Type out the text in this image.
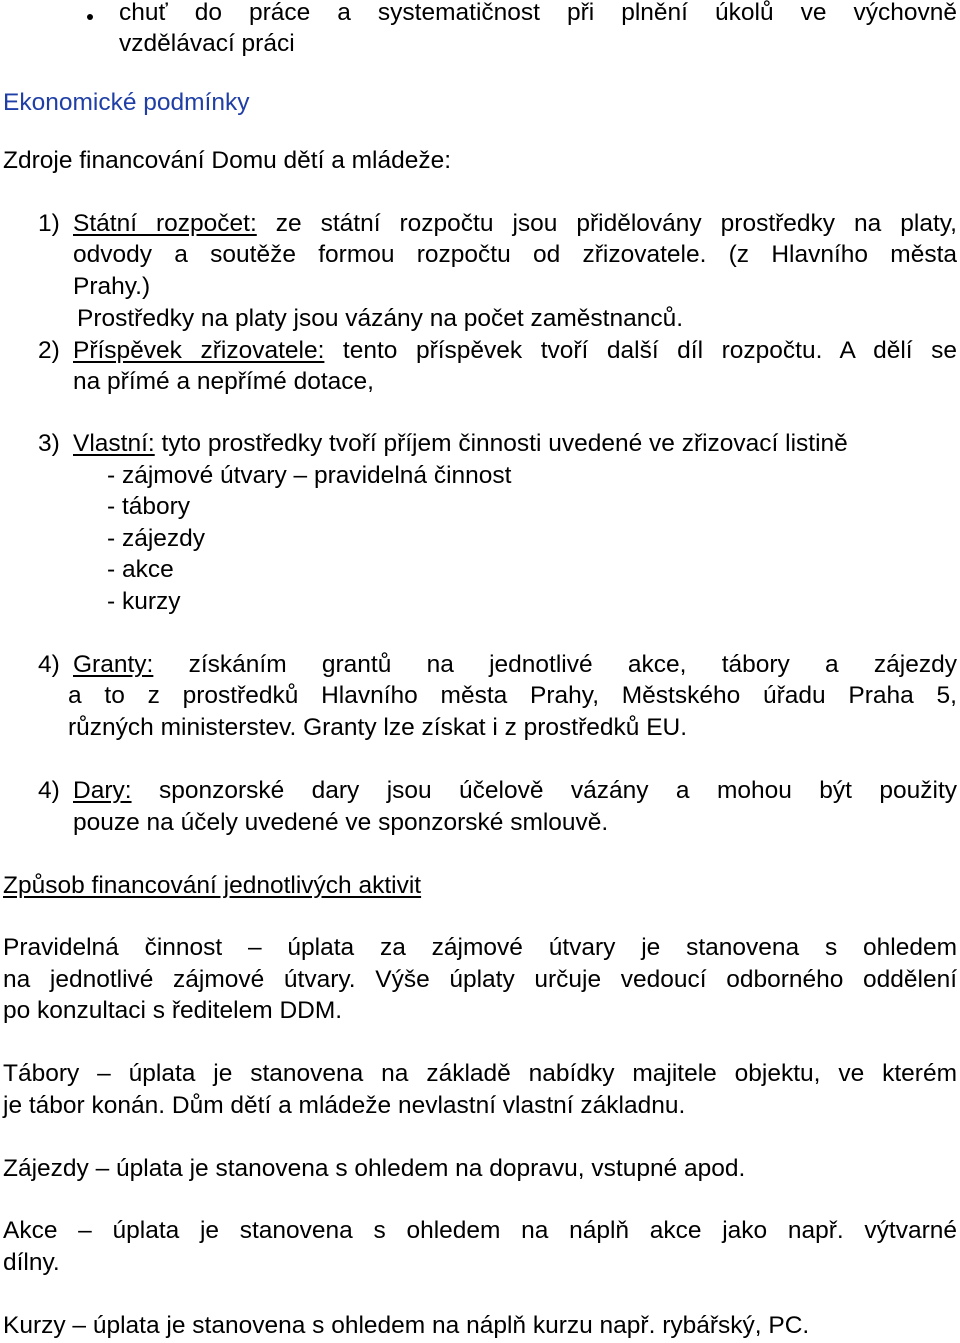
chuť do práce a systematičnost při plnění úkolů ve výchovně
vzdělávací práci
Ekonomické podmínky
Zdroje financování Domu dětí a mládeže:
1) Státní rozpočet: ze státní rozpočtu jsou přidělovány prostředky na platy,
odvody a soutěže formou rozpočtu od zřizovatele. (z Hlavního města
Prahy.)
Prostředky na platy jsou vázány na počet zaměstnanců.
2) Příspěvek zřizovatele: tento příspěvek tvoří další díl rozpočtu. A dělí se
na přímé a nepřímé dotace,
3) Vlastní: tyto prostředky tvoří příjem činnosti uvedené ve zřizovací listině
- zájmové útvary – pravidelná činnost
- tábory
- zájezdy
- akce
- kurzy
4) Granty: získáním grantů na jednotlivé akce, tábory a zájezdy
a to z prostředků Hlavního města Prahy, Městského úřadu Praha 5,
různých ministerstev. Granty lze získat i z prostředků EU.
4) Dary: sponzorské dary jsou účelově vázány a mohou být použity
pouze na účely uvedené ve sponzorské smlouvě.
Způsob financování jednotlivých aktivit
Pravidelná činnost – úplata za zájmové útvary je stanovena s ohledem
na jednotlivé zájmové útvary. Výše úplaty určuje vedoucí odborného oddělení
po konzultaci s ředitelem DDM.
Tábory – úplata je stanovena na základě nabídky majitele objektu, ve kterém
je tábor konán. Dům dětí a mládeže nevlastní vlastní základnu.
Zájezdy – úplata je stanovena s ohledem na dopravu, vstupné apod.
Akce – úplata je stanovena s ohledem na náplň akce jako např. výtvarné
dílny.
Kurzy – úplata je stanovena s ohledem na náplň kurzu např. rybářský, PC.
